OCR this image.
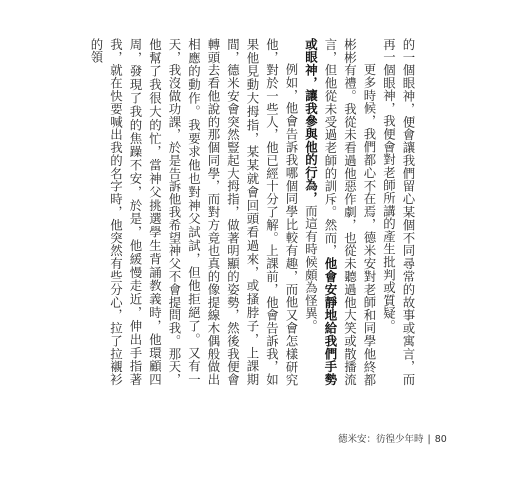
的一個眼神，便會讓我們留心某個不同尋常的故事或寓言，而再一個眼神，我便會對老師所講的產生批判或質疑。

更多時候，我們都心不在焉，德米安對老師和同學他終都彬彬有禮。我從未看過他惡作劇，也從未聽過他大笑或散播流言，但他從未受過老師的訓斥。然而，他會安靜地給我們手勢或眼神，讓我參與他的行為，而這有時候頗為怪異。

例如，他會告訴我哪個同學比較有趣，而他又會怎樣研究他，對於一些人，他已經十分了解。上課前，他會告訴我，如果他見動大拇指，某某就會回頭看過來，或搔脖子，上課期間，德米安會突然豎起大拇指，做著明顯的姿勢，然後我便會轉頭去看他說的那個同學，而對方竟也真的像提線木偶般做出相應的動作。我要求他也對神父試試，但他拒絕了。又有一天，我沒做功課，於是告訴他我希望神父不會提問我。那天，他幫了我很大的忙，當神父挑選學生背誦教義時，他環顧四周，發現了我的焦躁不安，於是，他緩慢走近，伸出手指著我，就在快要喊出我的名字時，他突然有些分心，拉了拉襯衫的領

德米安：彷徨少年時 | 80
